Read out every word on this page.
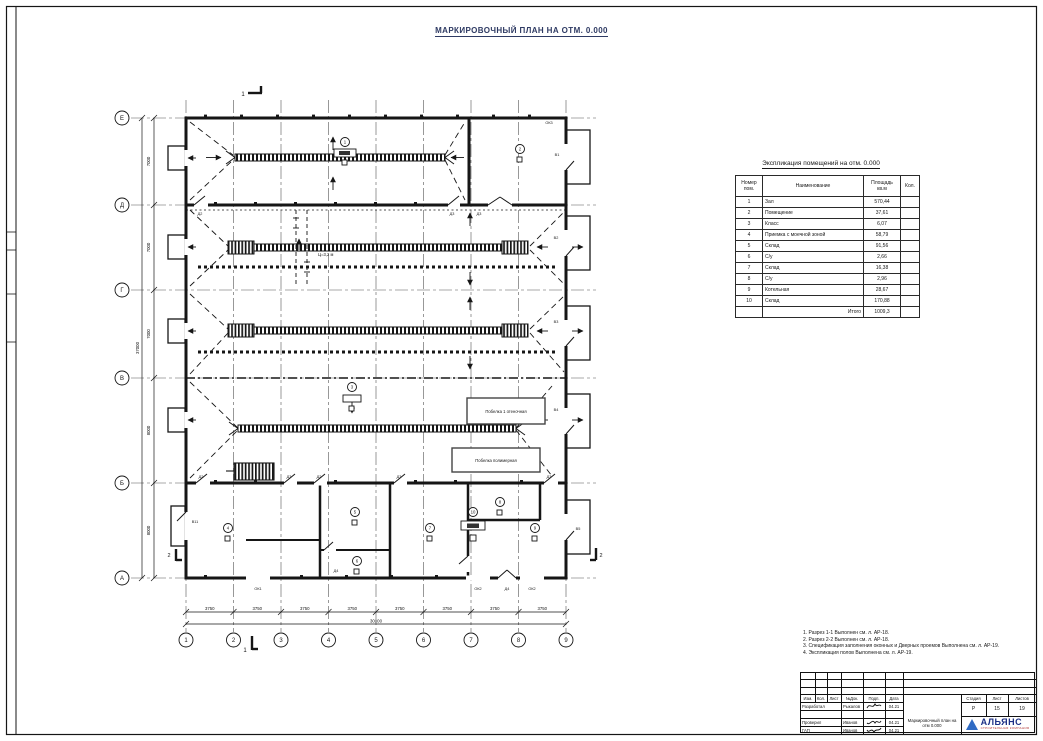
Е
Д
Г
В
Б
А
1	2	3	4	5	6	7	8	9
7000
7000
7000
8000
8000
37000
3750	3750	3750	3750	3750	3750	3750	3750
30000
1
2
3
4
5
6
7
8
9
10
Побелка 1 отеночная
Побелка полимерная
ОК3
В1
В2
В3
В4
В5
В11
Д2	Д3	Д3
Д2	Д3	Д2	Д3	Д3
Д4
ОК1	ОК2	Д4	ОК2
Ц=3,2 м
1
1
2	2
МАРКИРОВОЧНЫЙ ПЛАН НА ОТМ. 0.000
Экспликация помещений на отм. 0.000
Номер пом.	Наименование	Площадь кв.м	Кол.
1	Зал	570,44	
2	Помещение	37,61	
3	Класс	6,07	
4	Приемка с моечной зоной	58,79	
5	Склад	91,56	
6	С/у	2,66	
7	Склад	16,38	
8	С/у	2,96	
9	Котельная	28,67	
10	Склад	170,88	
	Итого	1009,3	
1. Разрез 1-1 Выполнен см. л. АР-18.
2. Разрез 2-2 Выполнен см. л. АР-18.
3. Спецификация заполнения оконных и Дверных проемов Выполнена см. л. АР-19.
4. Экспликация полов Выполнена см. л. АР-19.
Изм.	Кол.	Лист	№Док.	Подп.	Дата
Разработал	Рыкалов	04.21
Проверил	Иванов	04.21
ГАП	Иванов	04.21
Стадия	Лист	Листов
Р	15	19
Маркировочный план на отм 0.000	АЛЬЯНС
СТРОИТЕЛЬНАЯ КОМПАНИЯ
